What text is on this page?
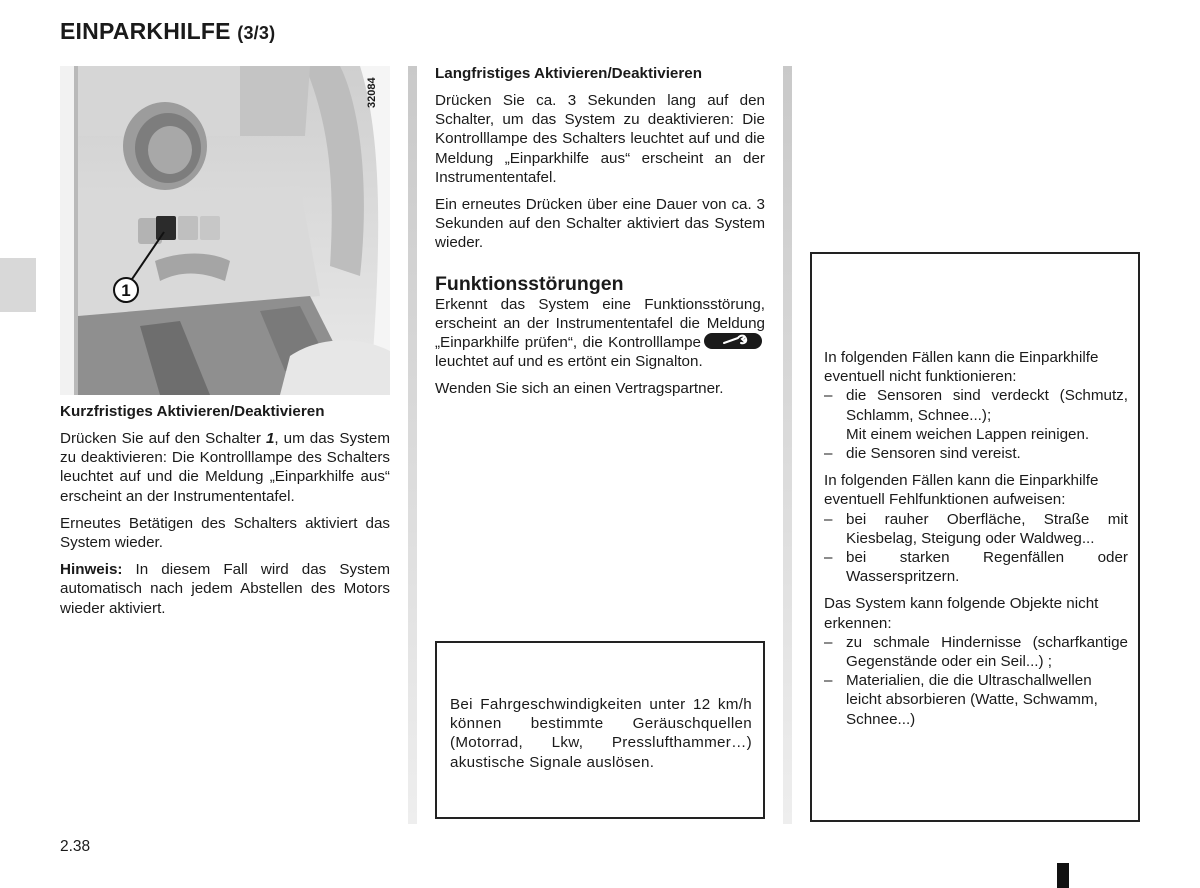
EINPARKHILFE (3/3)
1
32084
Kurzfristiges Aktivieren/Deaktivieren

Drücken Sie auf den Schalter 1, um das System zu deaktivieren: Die Kontrolllampe des Schalters leuchtet auf und die Meldung „Einparkhilfe aus“ erscheint an der Instrumententafel.

Erneutes Betätigen des Schalters aktiviert das System wieder.

Hinweis: In diesem Fall wird das System automatisch nach jedem Abstellen des Motors wieder aktiviert.

Langfristiges Aktivieren/Deaktivieren

Drücken Sie ca. 3 Sekunden lang auf den Schalter, um das System zu deaktivieren: Die Kontrolllampe des Schalters leuchtet auf und die Meldung „Einparkhilfe aus“ erscheint an der Instrumententafel.

Ein erneutes Drücken über eine Dauer von ca. 3 Sekunden auf den Schalter aktiviert das System wieder.

Funktionsstörungen

Erkennt das System eine Funktionsstörung, erscheint an der Instrumententafel die Meldung „Einparkhilfe prüfen“, die Kontrolllampe leuchtet auf und es ertönt ein Signalton.

Wenden Sie sich an einen Vertragspartner.

Bei Fahrgeschwindigkeiten unter 12 km/h können bestimmte Geräuschquellen (Motorrad, Lkw, Presslufthammer…) akustische Signale auslösen.

In folgenden Fällen kann die Einparkhilfe eventuell nicht funktionieren:

– die Sensoren sind verdeckt (Schmutz, Schlamm, Schnee...);
Mit einem weichen Lappen reinigen.
– die Sensoren sind vereist.

In folgenden Fällen kann die Einparkhilfe eventuell Fehlfunktionen aufweisen:

– bei rauher Oberfläche, Straße mit Kiesbelag, Steigung oder Waldweg...
– bei starken Regenfällen oder Wasserspritzern.

Das System kann folgende Objekte nicht erkennen:

– zu schmale Hindernisse (scharfkantige Gegenstände oder ein Seil...) ;
– Materialien, die die Ultraschallwellen leicht absorbieren (Watte, Schwamm, Schnee...)
2.38
